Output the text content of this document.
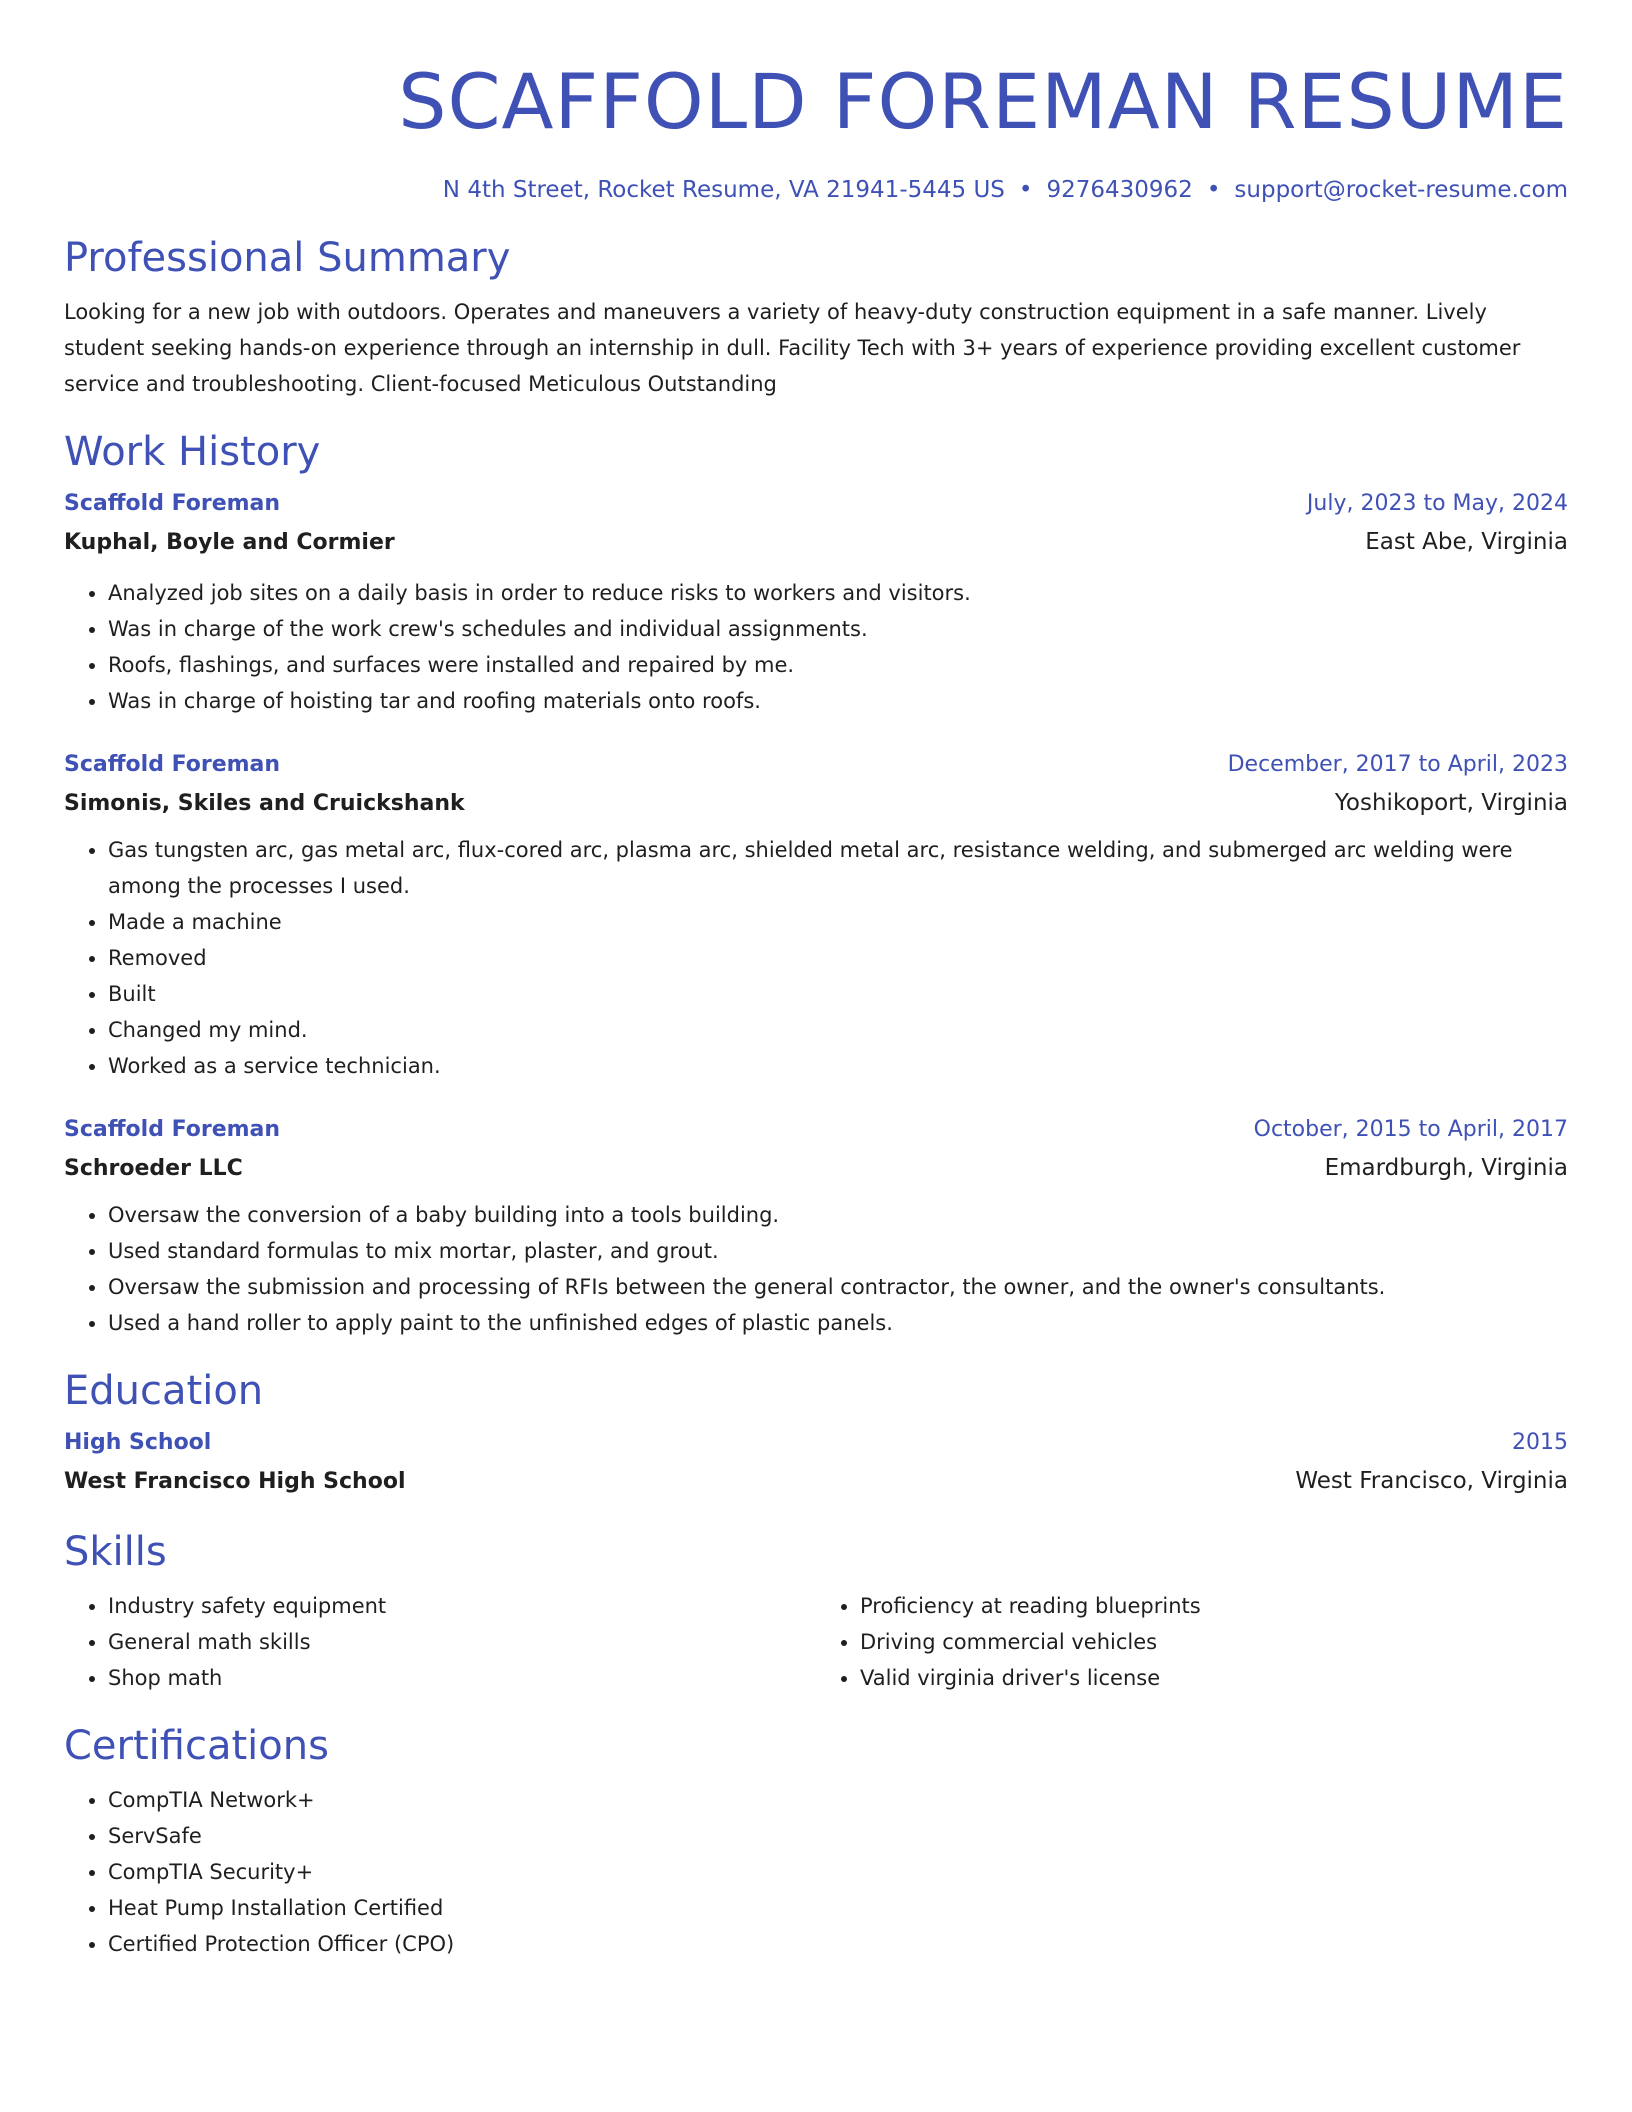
SCAFFOLD FOREMAN RESUME
N 4th Street, Rocket Resume, VA 21941-5445 US • 9276430962 • support@rocket-resume.com
Professional Summary

Looking for a new job with outdoors. Operates and maneuvers a variety of heavy-duty construction equipment in a safe manner. Lively student seeking hands-on experience through an internship in dull. Facility Tech with 3+ years of experience providing excellent customer service and troubleshooting. Client-focused Meticulous Outstanding

Work History
Scaffold Foreman	July, 2023 to May, 2024
Kuphal, Boyle and Cormier	East Abe, Virginia
• Analyzed job sites on a daily basis in order to reduce risks to workers and visitors.
• Was in charge of the work crew's schedules and individual assignments.
• Roofs, flashings, and surfaces were installed and repaired by me.
• Was in charge of hoisting tar and roofing materials onto roofs.
Scaffold Foreman	December, 2017 to April, 2023
Simonis, Skiles and Cruickshank	Yoshikoport, Virginia
• Gas tungsten arc, gas metal arc, flux-cored arc, plasma arc, shielded metal arc, resistance welding, and submerged arc welding were among the processes I used.
• Made a machine
• Removed
• Built
• Changed my mind.
• Worked as a service technician.
Scaffold Foreman	October, 2015 to April, 2017
Schroeder LLC	Emardburgh, Virginia
• Oversaw the conversion of a baby building into a tools building.
• Used standard formulas to mix mortar, plaster, and grout.
• Oversaw the submission and processing of RFIs between the general contractor, the owner, and the owner's consultants.
• Used a hand roller to apply paint to the unfinished edges of plastic panels.
Education
High School	2015
West Francisco High School	West Francisco, Virginia
Skills
• Industry safety equipment
• General math skills
• Shop math
• Proficiency at reading blueprints
• Driving commercial vehicles
• Valid virginia driver's license
Certifications
• CompTIA Network+
• ServSafe
• CompTIA Security+
• Heat Pump Installation Certified
• Certified Protection Officer (CPO)
